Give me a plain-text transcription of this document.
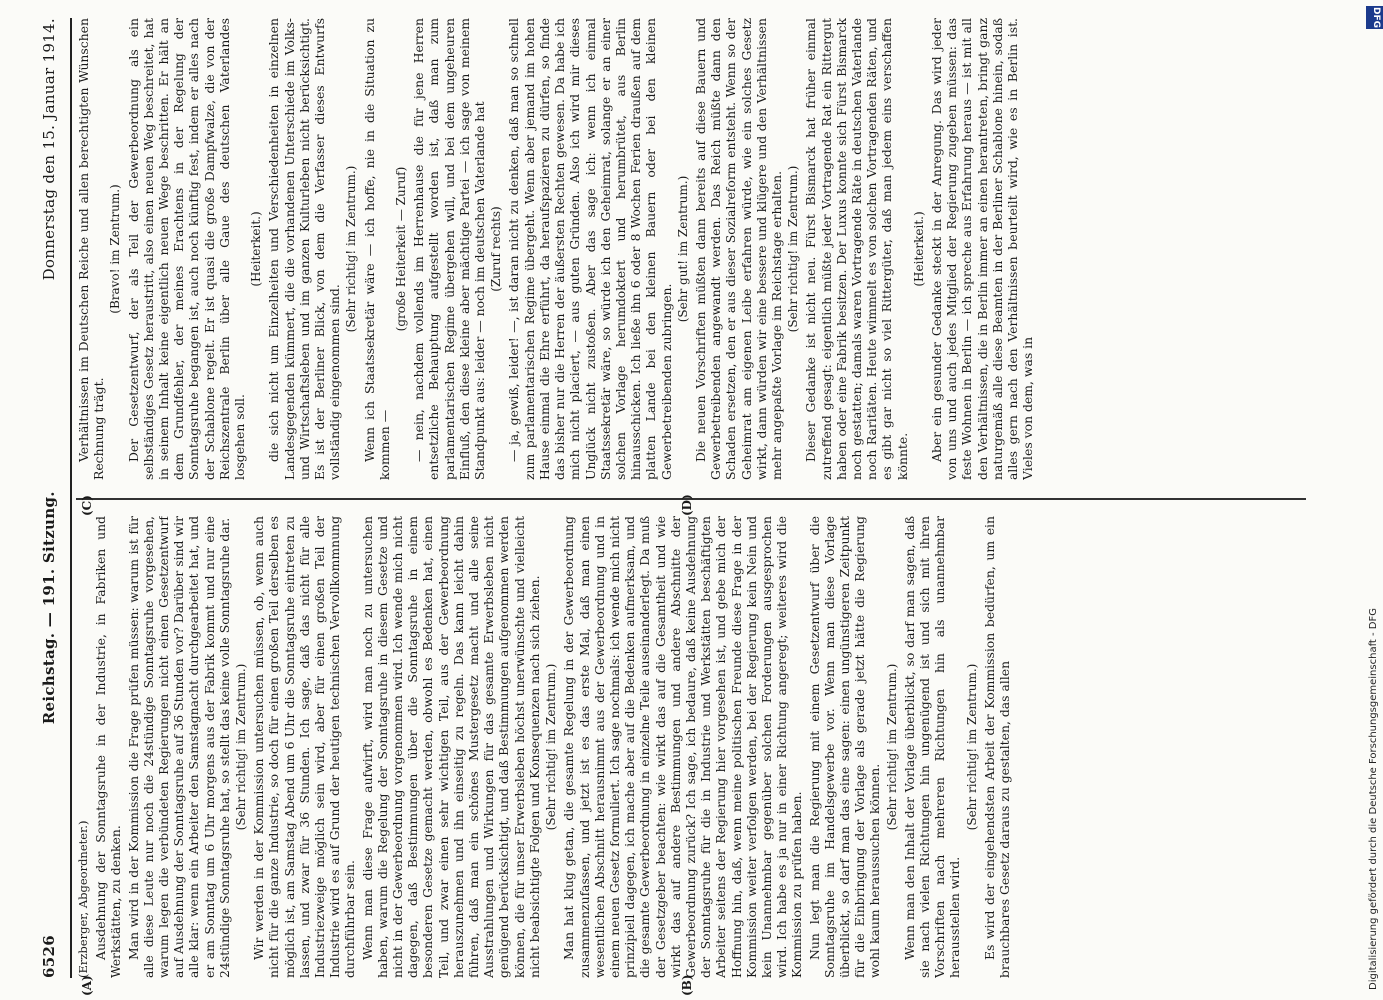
6526
Reichstag. — 191. Sitzung.
Donnerstag den 15. Januar 1914.

(Erzberger, Abgeordneter.) Ausdehnung der Sonntagsruhe in der Industrie, in Fabriken und Werkstätten, zu denken. Man wird in der Kommission die Frage prüfen müssen: warum ist für alle diese Leute nur noch die 24stündige Sonntagsruhe vorgesehen, warum legen die verbündeten Regierungen nicht einen Gesetzentwurf auf Ausdehnung der Sonntagsruhe auf 36 Stunden vor? Darüber sind wir alle klar: wenn ein Arbeiter den Samstagnacht durchgearbeitet hat, und er am Sonntag um 6 Uhr morgens aus der Fabrik kommt und nur eine 24stündige Sonntagsruhe hat, so stellt das keine volle Sonntagsruhe dar. (Sehr richtig! im Zentrum.) Wir werden in der Kommission untersuchen müssen, ob, wenn auch nicht für die ganze Industrie, so doch für einen großen Teil derselben es möglich ist, am Samstag Abend um 6 Uhr die Sonntagsruhe eintreten zu lassen, und zwar für 36 Stunden. Ich sage, daß das nicht für alle Industriezweige möglich sein wird, aber für einen großen Teil der Industrie wird es auf Grund der heutigen technischen Vervollkommnung durchführbar sein. Wenn man diese Frage aufwirft, wird man noch zu untersuchen haben, warum die Regelung der Sonntagsruhe in diesem Gesetze und nicht in der Gewerbeordnung vorgenommen wird. Ich wende mich nicht dagegen, daß Bestimmungen über die Sonntagsruhe in einem besonderen Gesetze gemacht werden, obwohl es Bedenken hat, einen Teil, und zwar einen sehr wichtigen Teil, aus der Gewerbeordnung herauszunehmen und ihn einseitig zu regeln. Das kann leicht dahin führen, daß man ein schönes Mustergesetz macht und alle seine Ausstrahlungen und Wirkungen für das gesamte Erwerbsleben nicht genügend berücksichtigt, und daß Bestimmungen aufgenommen werden können, die für unser Erwerbsleben höchst unerwünschte und vielleicht nicht beabsichtigte Folgen und Konsequenzen nach sich ziehen. (Sehr richtig! im Zentrum.) Man hat klug getan, die gesamte Regelung in der Gewerbeordnung zusammenzufassen, und jetzt ist es das erste Mal, daß man einen wesentlichen Abschnitt herausnimmt aus der Gewerbeordnung und in einem neuen Gesetz formuliert. Ich sage nochmals: ich wende mich nicht prinzipiell dagegen, ich mache aber auf die Bedenken aufmerksam, und die gesamte Gewerbeordnung in einzelne Teile auseinanderlegt. Da muß der Gesetzgeber beachten: wie wirkt das auf die Gesamtheit und wie wirkt das auf andere Bestimmungen und andere Abschnitte der Gewerbeordnung zurück? Ich sage, ich bedaure, daß keine Ausdehnung der Sonntagsruhe für die in Industrie und Werkstätten beschäftigten Arbeiter seitens der Regierung hier vorgesehen ist, und gebe mich der Hoffnung hin, daß, wenn meine politischen Freunde diese Frage in der Kommission weiter verfolgen werden, bei der Regierung kein Nein und kein Unannehmbar gegenüber solchen Forderungen ausgesprochen wird. Ich habe es ja nur in einer Richtung angeregt; weiteres wird die Kommission zu prüfen haben. Nun legt man die Regierung mit einem Gesetzentwurf über die Sonntagsruhe im Handelsgewerbe vor. Wenn man diese Vorlage überblickt, so darf man das eine sagen: einen ungünstigeren Zeitpunkt für die Einbringung der Vorlage als gerade jetzt hätte die Regierung wohl kaum heraussuchen können.

(Sehr richtig! im Zentrum.) Wenn man den Inhalt der Vorlage überblickt, so darf man sagen, daß sie nach vielen Richtungen hin ungenügend ist und sich mit ihren Vorschriften nach mehreren Richtungen hin als unannehmbar herausstellen wird.

(Sehr richtig! im Zentrum.) Es wird der eingehendsten Arbeit der Kommission bedürfen, um ein brauchbares Gesetz daraus zu gestalten, das allen

Verhältnissen im Deutschen Reiche und allen berechtigten Wünschen Rechnung trägt.

(Bravo! im Zentrum.) Der Gesetzentwurf, der als Teil der Gewerbeordnung als ein selbständiges Gesetz heraustritt, also einen neuen Weg beschreitet, hat in seinem Inhalt keine eigentlich neuen Wege beschritten. Er hält an dem Grundfehler, der meines Erachtens in der Regelung der Sonntagsruhe begangen ist, auch noch künftig fest, indem er alles nach der Schablone regelt. Er ist quasi die große Dampfwalze, die von der Reichszentrale Berlin über alle Gaue des deutschen Vaterlandes losgehen soll.

(Heiterkeit.) die sich nicht um Einzelheiten und Verschiedenheiten in einzelnen Landesgegenden kümmert, die die vorhandenen Unterschiede im Volks- und Wirtschaftsleben und im ganzen Kulturleben nicht berücksichtigt. Es ist der Berliner Blick, von dem die Verfasser dieses Entwurfs vollständig eingenommen sind.

(Sehr richtig! im Zentrum.) Wenn ich Staatssekretär wäre — ich hoffe, nie in die Situation zu kommen —

(große Heiterkeit — Zuruf) — nein, nachdem vollends im Herrenhause die für jene Herren entsetzliche Behauptung aufgestellt worden ist, daß man zum parlamentarischen Regime übergehen will, und bei dem ungeheuren Einfluß, den diese kleine aber mächtige Partei — ich sage von meinem Standpunkt aus: leider — noch im deutschen Vaterlande hat (Zuruf rechts) — ja, gewiß, leider! —, ist daran nicht zu denken, daß man so schnell zum parlamentarischen Regime übergeht. Wenn aber jemand im hohen Hause einmal die Ehre erführt, da heraufspazieren zu dürfen, so finde das bisher nur die Herren der äußersten Rechten gewesen. Da habe ich mich nicht placiert, — aus guten Gründen. Also ich wird mir dieses Unglück nicht zustoßen. Aber das sage ich: wenn ich einmal Staatssekretär wäre, so würde ich den Geheimrat, solange er an einer solchen Vorlage herumdoktert und herumbrütet, aus Berlin hinausschicken. Ich ließe ihn 6 oder 8 Wochen Ferien draußen auf dem platten Lande bei den kleinen Bauern oder bei den kleinen Gewerbetreibenden zubringen.

(Sehr gut! im Zentrum.) Die neuen Vorschriften müßten dann bereits auf diese Bauern und Gewerbetreibenden angewandt werden. Das Reich müßte dann den Schaden ersetzen, den er aus dieser Sozialreform entsteht. Wenn so der Geheimrat am eigenen Leibe erfahren würde, wie ein solches Gesetz wirkt, dann würden wir eine bessere und klügere und den Verhältnissen mehr angepaßte Vorlage im Reichstage erhalten. (Sehr richtig! im Zentrum.) Dieser Gedanke ist nicht neu. Fürst Bismarck hat früher einmal zutreffend gesagt: eigentlich müßte jeder Vortragende Rat ein Rittergut haben oder eine Fabrik besitzen. Der Luxus konnte sich Fürst Bismarck noch gestatten; damals waren Vortragende Räte in deutschen Vaterlande noch Raritäten. Heute wimmelt es von solchen Vortragenden Räten, und es gibt gar nicht so viel Rittergüter, daß man jedem eins verschaffen könnte.

(Heiterkeit.) Aber ein gesunder Gedanke steckt in der Anregung. Das wird jeder von uns und auch jedes Mitglied der Regierung zugeben müssen: das feste Wohnen in Berlin — ich spreche aus Erfahrung heraus — ist mit all den Verhältnissen, die in Berlin immer an einen herantreten, bringt ganz naturgemäß alle diese Beamten in der Berliner Schablone hinein, sodaß alles gern nach den Verhältnissen beurteilt wird, wie es in Berlin ist. Vieles von dem, was in

(A)	(B)
(C)	(D)
Digitalisierung gefördert durch die Deutsche Forschungsgemeinschaft - DFG
DFG
